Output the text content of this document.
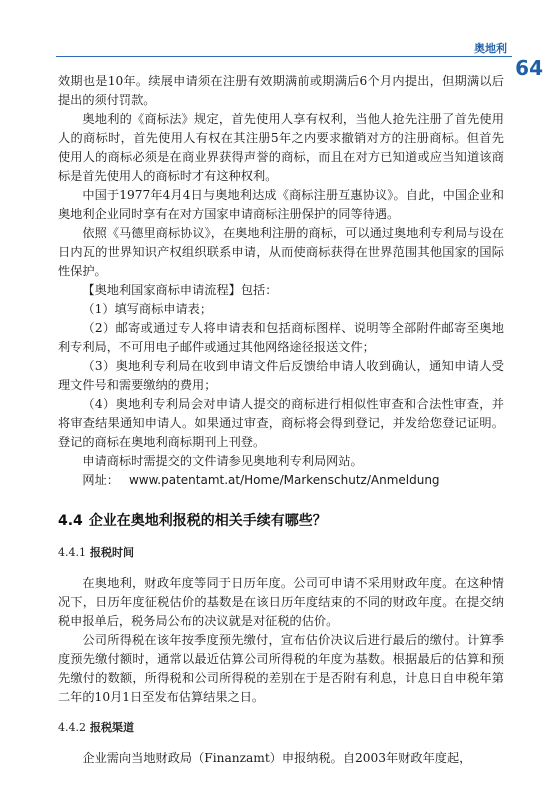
奥地利
64

效期也是10年。续展申请须在注册有效期满前或期满后6个月内提出，但期满以后提出的须付罚款。

奥地利的《商标法》规定，首先使用人享有权利，当他人抢先注册了首先使用人的商标时，首先使用人有权在其注册5年之内要求撤销对方的注册商标。但首先使用人的商标必须是在商业界获得声誉的商标，而且在对方已知道或应当知道该商标是首先使用人的商标时才有这种权利。

中国于1977年4月4日与奥地利达成《商标注册互惠协议》。自此，中国企业和奥地利企业同时享有在对方国家申请商标注册保护的同等待遇。

依照《马德里商标协议》，在奥地利注册的商标，可以通过奥地利专利局与设在日内瓦的世界知识产权组织联系申请，从而使商标获得在世界范围其他国家的国际性保护。

【奥地利国家商标申请流程】包括：

（1）填写商标申请表；

（2）邮寄或通过专人将申请表和包括商标图样、说明等全部附件邮寄至奥地利专利局，不可用电子邮件或通过其他网络途径报送文件；

（3）奥地利专利局在收到申请文件后反馈给申请人收到确认，通知申请人受理文件号和需要缴纳的费用；

（4）奥地利专利局会对申请人提交的商标进行相似性审查和合法性审查，并将审查结果通知申请人。如果通过审查，商标将会得到登记，并发给您登记证明。登记的商标在奥地利商标期刊上刊登。

申请商标时需提交的文件请参见奥地利专利局网站。

网址： www.patentamt.at/Home/Markenschutz/Anmeldung

4.4 企业在奥地利报税的相关手续有哪些？
4.4.1 报税时间

在奥地利，财政年度等同于日历年度。公司可申请不采用财政年度。在这种情况下，日历年度征税估价的基数是在该日历年度结束的不同的财政年度。在提交纳税申报单后，税务局公布的决议就是对征税的估价。

公司所得税在该年按季度预先缴付，宣布估价决议后进行最后的缴付。计算季度预先缴付额时，通常以最近估算公司所得税的年度为基数。根据最后的估算和预先缴付的数额，所得税和公司所得税的差别在于是否附有利息，计息日自申税年第二年的10月1日至发布估算结果之日。

4.4.2 报税渠道

企业需向当地财政局（Finanzamt）申报纳税。自2003年财政年度起，
